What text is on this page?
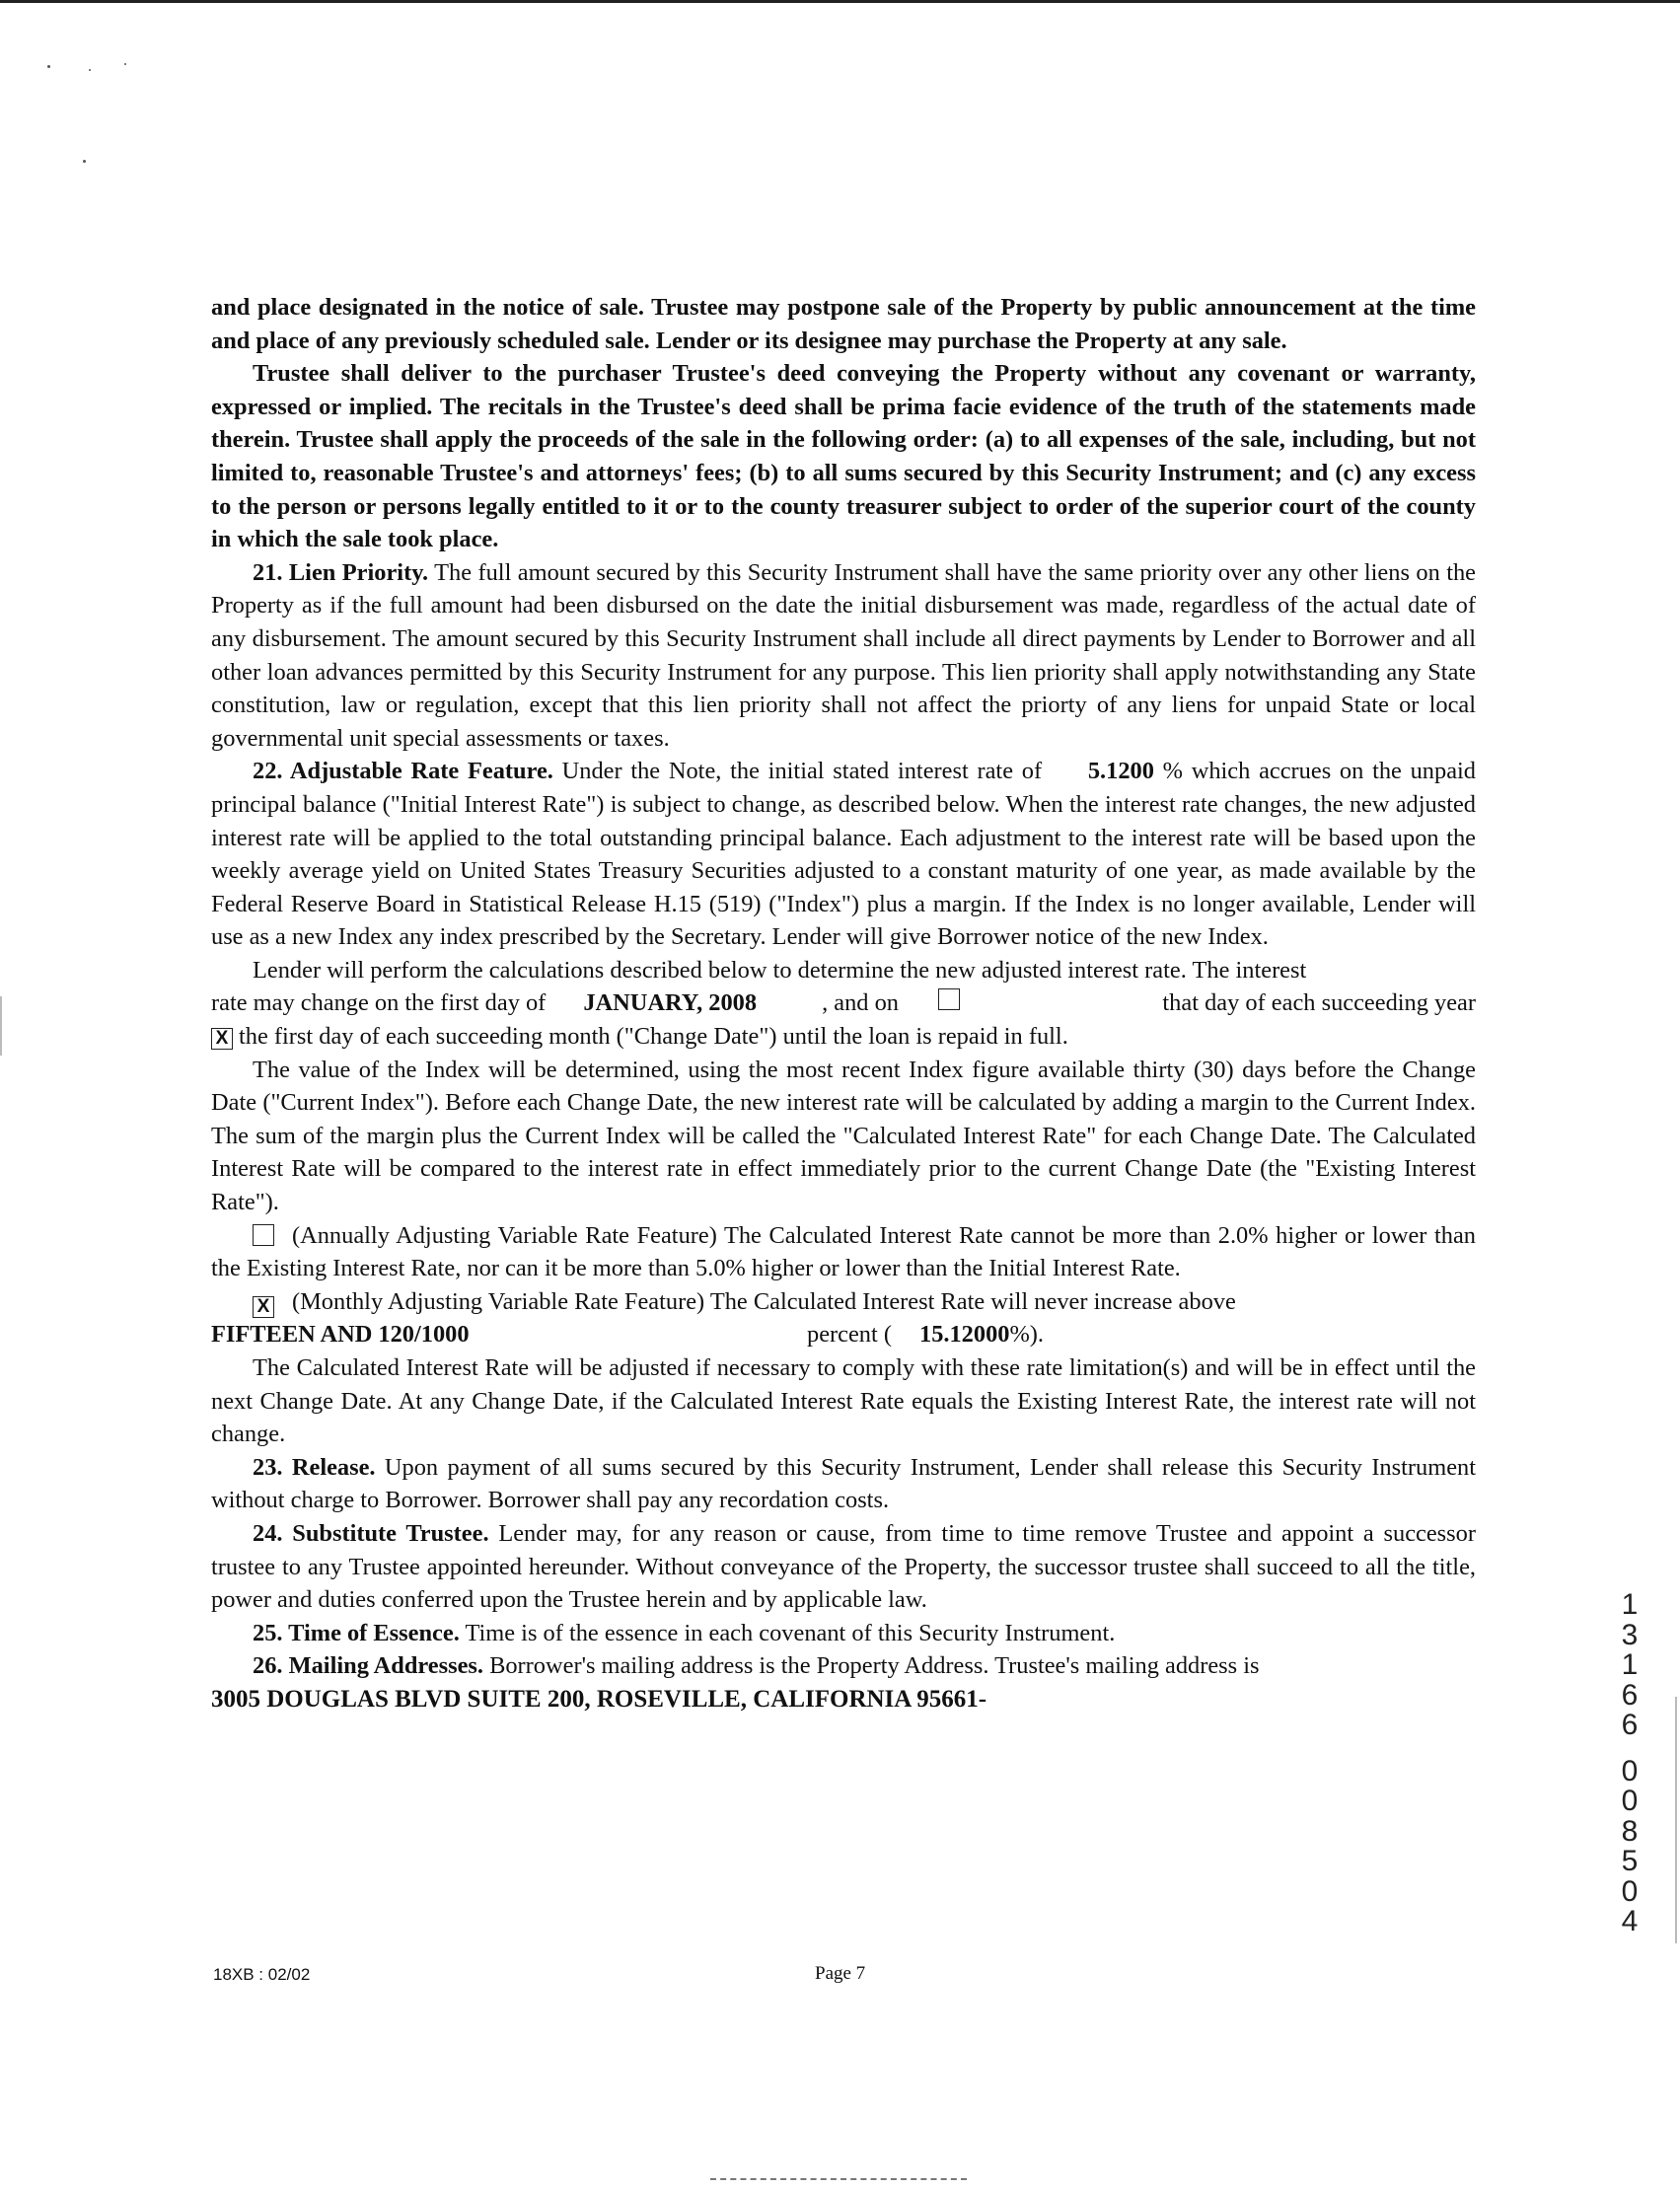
and place designated in the notice of sale. Trustee may postpone sale of the Property by public announcement at the time and place of any previously scheduled sale. Lender or its designee may purchase the Property at any sale.

Trustee shall deliver to the purchaser Trustee's deed conveying the Property without any covenant or warranty, expressed or implied. The recitals in the Trustee's deed shall be prima facie evidence of the truth of the statements made therein. Trustee shall apply the proceeds of the sale in the following order: (a) to all expenses of the sale, including, but not limited to, reasonable Trustee's and attorneys' fees; (b) to all sums secured by this Security Instrument; and (c) any excess to the person or persons legally entitled to it or to the county treasurer subject to order of the superior court of the county in which the sale took place.

21. Lien Priority. The full amount secured by this Security Instrument shall have the same priority over any other liens on the Property as if the full amount had been disbursed on the date the initial disbursement was made, regardless of the actual date of any disbursement. The amount secured by this Security Instrument shall include all direct payments by Lender to Borrower and all other loan advances permitted by this Security Instrument for any purpose. This lien priority shall apply notwithstanding any State constitution, law or regulation, except that this lien priority shall not affect the priorty of any liens for unpaid State or local governmental unit special assessments or taxes.

22. Adjustable Rate Feature. Under the Note, the initial stated interest rate of 5.1200 % which accrues on the unpaid principal balance ("Initial Interest Rate") is subject to change, as described below. When the interest rate changes, the new adjusted interest rate will be applied to the total outstanding principal balance. Each adjustment to the interest rate will be based upon the weekly average yield on United States Treasury Securities adjusted to a constant maturity of one year, as made available by the Federal Reserve Board in Statistical Release H.15 (519) ("Index") plus a margin. If the Index is no longer available, Lender will use as a new Index any index prescribed by the Secretary. Lender will give Borrower notice of the new Index.

Lender will perform the calculations described below to determine the new adjusted interest rate. The interest

rate may change on the first day of JANUARY, 2008	, and on	that day of each succeeding year
X the first day of each succeeding month ("Change Date") until the loan is repaid in full.

The value of the Index will be determined, using the most recent Index figure available thirty (30) days before the Change Date ("Current Index"). Before each Change Date, the new interest rate will be calculated by adding a margin to the Current Index. The sum of the margin plus the Current Index will be called the "Calculated Interest Rate" for each Change Date. The Calculated Interest Rate will be compared to the interest rate in effect immediately prior to the current Change Date (the "Existing Interest Rate").

(Annually Adjusting Variable Rate Feature) The Calculated Interest Rate cannot be more than 2.0% higher or lower than the Existing Interest Rate, nor can it be more than 5.0% higher or lower than the Initial Interest Rate.

X (Monthly Adjusting Variable Rate Feature) The Calculated Interest Rate will never increase above

FIFTEEN AND 120/1000	percent ( 15.12000 %).

The Calculated Interest Rate will be adjusted if necessary to comply with these rate limitation(s) and will be in effect until the next Change Date. At any Change Date, if the Calculated Interest Rate equals the Existing Interest Rate, the interest rate will not change.

23. Release. Upon payment of all sums secured by this Security Instrument, Lender shall release this Security Instrument without charge to Borrower. Borrower shall pay any recordation costs.

24. Substitute Trustee. Lender may, for any reason or cause, from time to time remove Trustee and appoint a successor trustee to any Trustee appointed hereunder. Without conveyance of the Property, the successor trustee shall succeed to all the title, power and duties conferred upon the Trustee herein and by applicable law.

25. Time of Essence. Time is of the essence in each covenant of this Security Instrument.

26. Mailing Addresses. Borrower's mailing address is the Property Address. Trustee's mailing address is

3005 DOUGLAS BLVD SUITE 200, ROSEVILLE, CALIFORNIA 95661-

1
3
1
6
6
0
0
8
5
0
4
18XB : 02/02	Page 7
